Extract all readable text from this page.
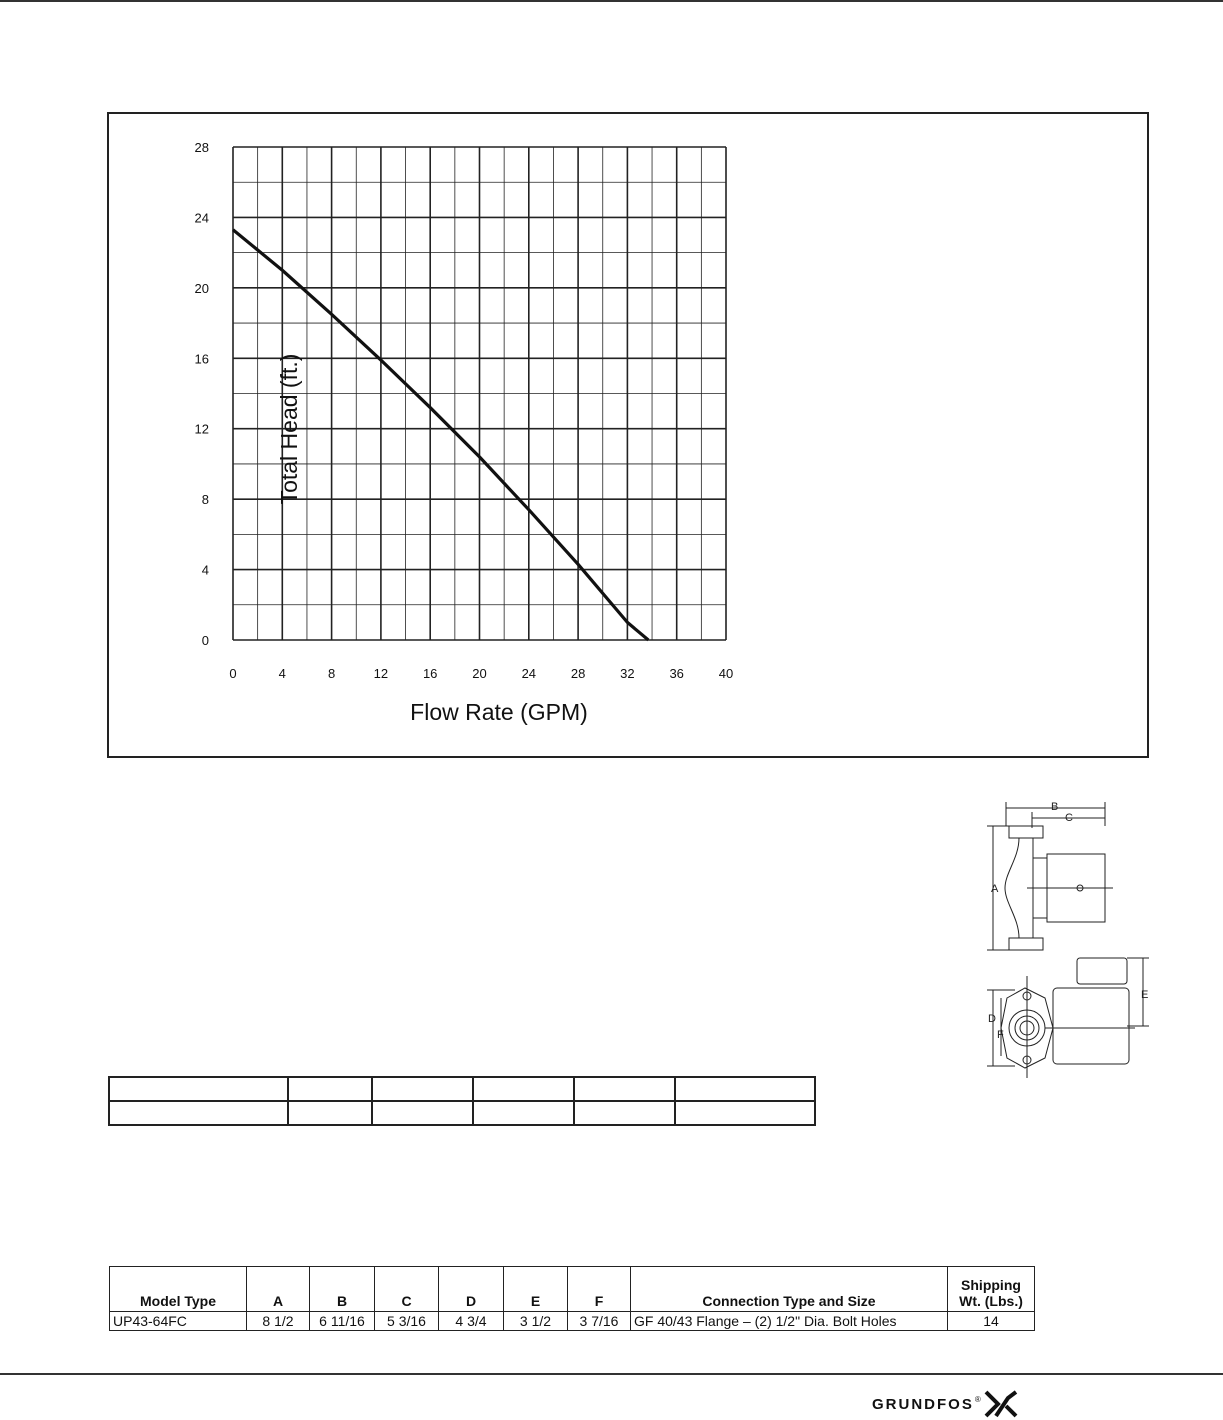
0	4	8	12	16	20	24	28	32	36	40
0
4
8
12
16
20
24
28
Total Head (ft.)
Flow Rate (GPM)
B
C
A
E
D
F

Model Type	A	B	C	D	E	F	Connection Type and Size	Shipping
Wt. (Lbs.)
UP43-64FC	8 1/2	6 11/16	5 3/16	4 3/4	3 1/2	3 7/16	GF 40/43 Flange – (2) 1/2" Dia. Bolt Holes	14
GRUNDFOS ®
